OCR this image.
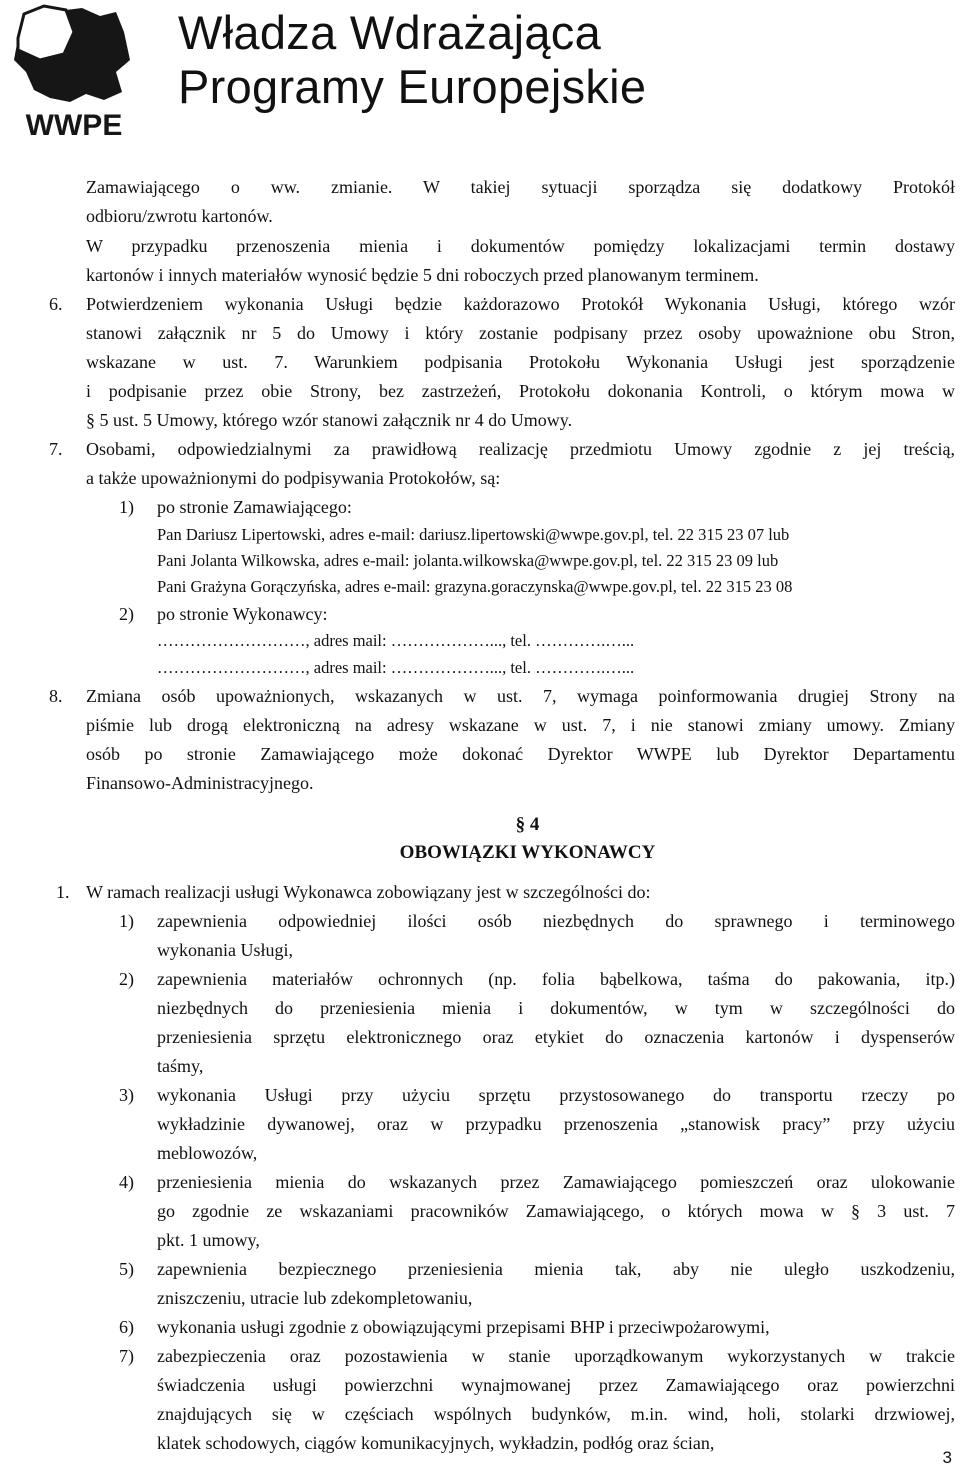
WWPE
Władza Wdrażająca
Programy Europejskie
Zamawiającego o ww. zmianie. W takiej sytuacji sporządza się dodatkowy Protokół
odbioru/zwrotu kartonów.
W przypadku przenoszenia mienia i dokumentów pomiędzy lokalizacjami termin dostawy
kartonów i innych materiałów wynosić będzie 5 dni roboczych przed planowanym terminem.
6. Potwierdzeniem wykonania Usługi będzie każdorazowo Protokół Wykonania Usługi, którego wzór
stanowi załącznik nr 5 do Umowy i który zostanie podpisany przez osoby upoważnione obu Stron,
wskazane w ust. 7. Warunkiem podpisania Protokołu Wykonania Usługi jest sporządzenie
i podpisanie przez obie Strony, bez zastrzeżeń, Protokołu dokonania Kontroli, o którym mowa w
§ 5 ust. 5 Umowy, którego wzór stanowi załącznik nr 4 do Umowy.
7. Osobami, odpowiedzialnymi za prawidłową realizację przedmiotu Umowy zgodnie z jej treścią,
a także upoważnionymi do podpisywania Protokołów, są:
1) po stronie Zamawiającego:
Pan Dariusz Lipertowski, adres e-mail: dariusz.lipertowski@wwpe.gov.pl, tel. 22 315 23 07 lub
Pani Jolanta Wilkowska, adres e-mail: jolanta.wilkowska@wwpe.gov.pl, tel. 22 315 23 09 lub
Pani Grażyna Gorączyńska, adres e-mail: grazyna.goraczynska@wwpe.gov.pl, tel. 22 315 23 08
2) po stronie Wykonawcy:
………………………, adres mail: ………………..., tel. ………….…...
………………………, adres mail: ………………..., tel. ………….…...
8. Zmiana osób upoważnionych, wskazanych w ust. 7, wymaga poinformowania drugiej Strony na
piśmie lub drogą elektroniczną na adresy wskazane w ust. 7, i nie stanowi zmiany umowy. Zmiany
osób po stronie Zamawiającego może dokonać Dyrektor WWPE lub Dyrektor Departamentu
Finansowo-Administracyjnego.
§ 4
OBOWIĄZKI WYKONAWCY
1. W ramach realizacji usługi Wykonawca zobowiązany jest w szczególności do:
1) zapewnienia odpowiedniej ilości osób niezbędnych do sprawnego i terminowego
wykonania Usługi,
2) zapewnienia materiałów ochronnych (np. folia bąbelkowa, taśma do pakowania, itp.)
niezbędnych do przeniesienia mienia i dokumentów, w tym w szczególności do
przeniesienia sprzętu elektronicznego oraz etykiet do oznaczenia kartonów i dyspenserów
taśmy,
3) wykonania Usługi przy użyciu sprzętu przystosowanego do transportu rzeczy po
wykładzinie dywanowej, oraz w przypadku przenoszenia „stanowisk pracy” przy użyciu
meblowozów,
4) przeniesienia mienia do wskazanych przez Zamawiającego pomieszczeń oraz ulokowanie
go zgodnie ze wskazaniami pracowników Zamawiającego, o których mowa w § 3 ust. 7
pkt. 1 umowy,
5) zapewnienia bezpiecznego przeniesienia mienia tak, aby nie uległo uszkodzeniu,
zniszczeniu, utracie lub zdekompletowaniu,
6) wykonania usługi zgodnie z obowiązującymi przepisami BHP i przeciwpożarowymi,
7) zabezpieczenia oraz pozostawienia w stanie uporządkowanym wykorzystanych w trakcie
świadczenia usługi powierzchni wynajmowanej przez Zamawiającego oraz powierzchni
znajdujących się w częściach wspólnych budynków, m.in. wind, holi, stolarki drzwiowej,
klatek schodowych, ciągów komunikacyjnych, wykładzin, podłóg oraz ścian,
3
